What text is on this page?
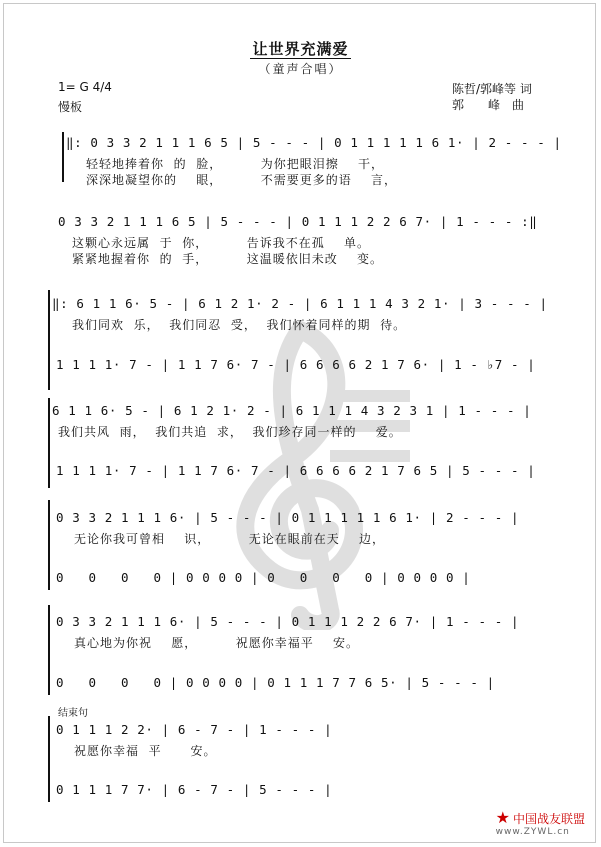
让世界充满爱
（童声合唱）
1= G 4/4
慢板
陈哲/郭峰等 词
郭　　峰　曲
‖: 0 3 3 2 1 1 1 6 5 | 5 - - - | 0 1 1 1 1 1 6 1· | 2 - - - |
轻轻地捧着你  的  脸，        为你把眼泪擦    干，
深深地凝望你的    眼，        不需要更多的语    言，
0 3 3 2 1 1 1 6 5 | 5 - - - | 0 1 1 1 2 2 6 7· | 1 - - - :‖
这颗心永远属  于  你，        告诉我不在孤    单。
紧紧地握着你  的  手，        这温暖依旧未改    变。
‖: 6 1 1 6· 5 - | 6 1 2 1· 2 - | 6 1 1 1 4 3 2 1· | 3 - - - |
我们同欢  乐，  我们同忍  受，  我们怀着同样的期  待。
1 1 1 1· 7 - | 1 1 7 6· 7 - | 6 6 6 6 2 1 7 6· | 1 - ♭7 - |
6 1 1 6· 5 - | 6 1 2 1· 2 - | 6 1 1 1 4 3 2 3 1 | 1 - - - |
我们共风  雨，  我们共追  求，  我们珍存同一样的    爱。
1 1 1 1· 7 - | 1 1 7 6· 7 - | 6 6 6 6 2 1 7 6 5 | 5 - - - |
0 3 3 2 1 1 1 6· | 5 - - - | 0 1 1 1 1 1 6 1· | 2 - - - |
无论你我可曾相    识，        无论在眼前在天    边，
0   0   0   0 | 0 0 0 0 | 0   0   0   0 | 0 0 0 0 |
0 3 3 2 1 1 1 6· | 5 - - - | 0 1 1 1 2 2 6 7· | 1 - - - |
真心地为你祝    愿，        祝愿你幸福平    安。
0   0   0   0 | 0 0 0 0 | 0 1 1 1 7 7 6 5· | 5 - - - |
结束句
0 1 1 1 2 2· | 6 - 7 - | 1 - - - |
祝愿你幸福  平      安。
0 1 1 1 7 7· | 6 - 7 - | 5 - - - |
★ 中国战友联盟
www.ZYWL.cn
